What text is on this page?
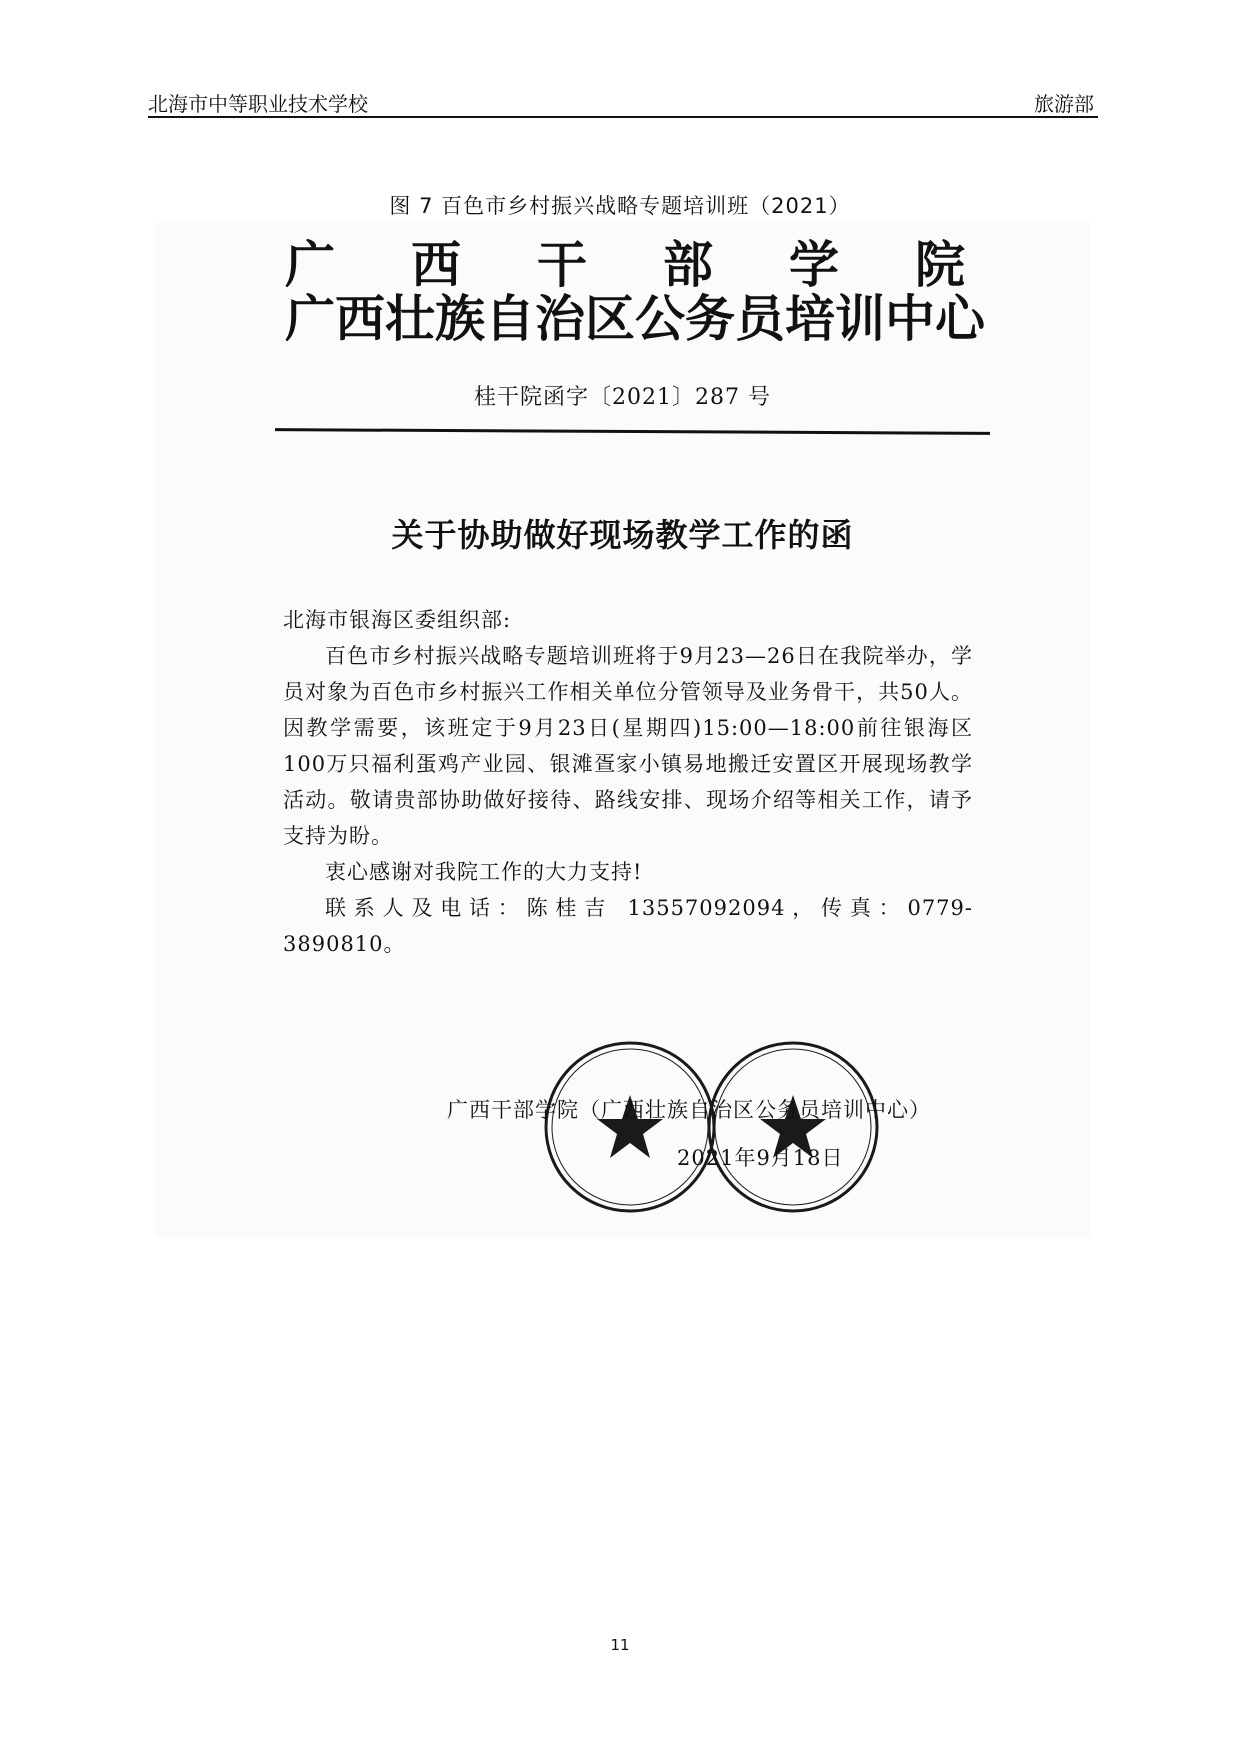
北海市中等职业技术学校	旅游部
图 7 百色市乡村振兴战略专题培训班（2021）
广 西 干 部 学 院
广 西 壮 族 自 治 区 公 务 员 培 训 中 心
桂干院函字〔2021〕287 号
关于协助做好现场教学工作的函

北海市银海区委组织部:

百色市乡村振兴战略专题培训班将于9月23—26日在我院举办，学员对象为百色市乡村振兴工作相关单位分管领导及业务骨干，共50人。因教学需要，该班定于9月23日(星期四)15:00—18:00前往银海区100万只福利蛋鸡产业园、银滩疍家小镇易地搬迁安置区开展现场教学活动。敬请贵部协助做好接待、路线安排、现场介绍等相关工作，请予支持为盼。

衷心感谢对我院工作的大力支持!

联系人及电话：陈桂吉 13557092094，传真：0779-3890810。

广西干部学院（广西壮族自治区公务员培训中心）
2021年9月18日
11
